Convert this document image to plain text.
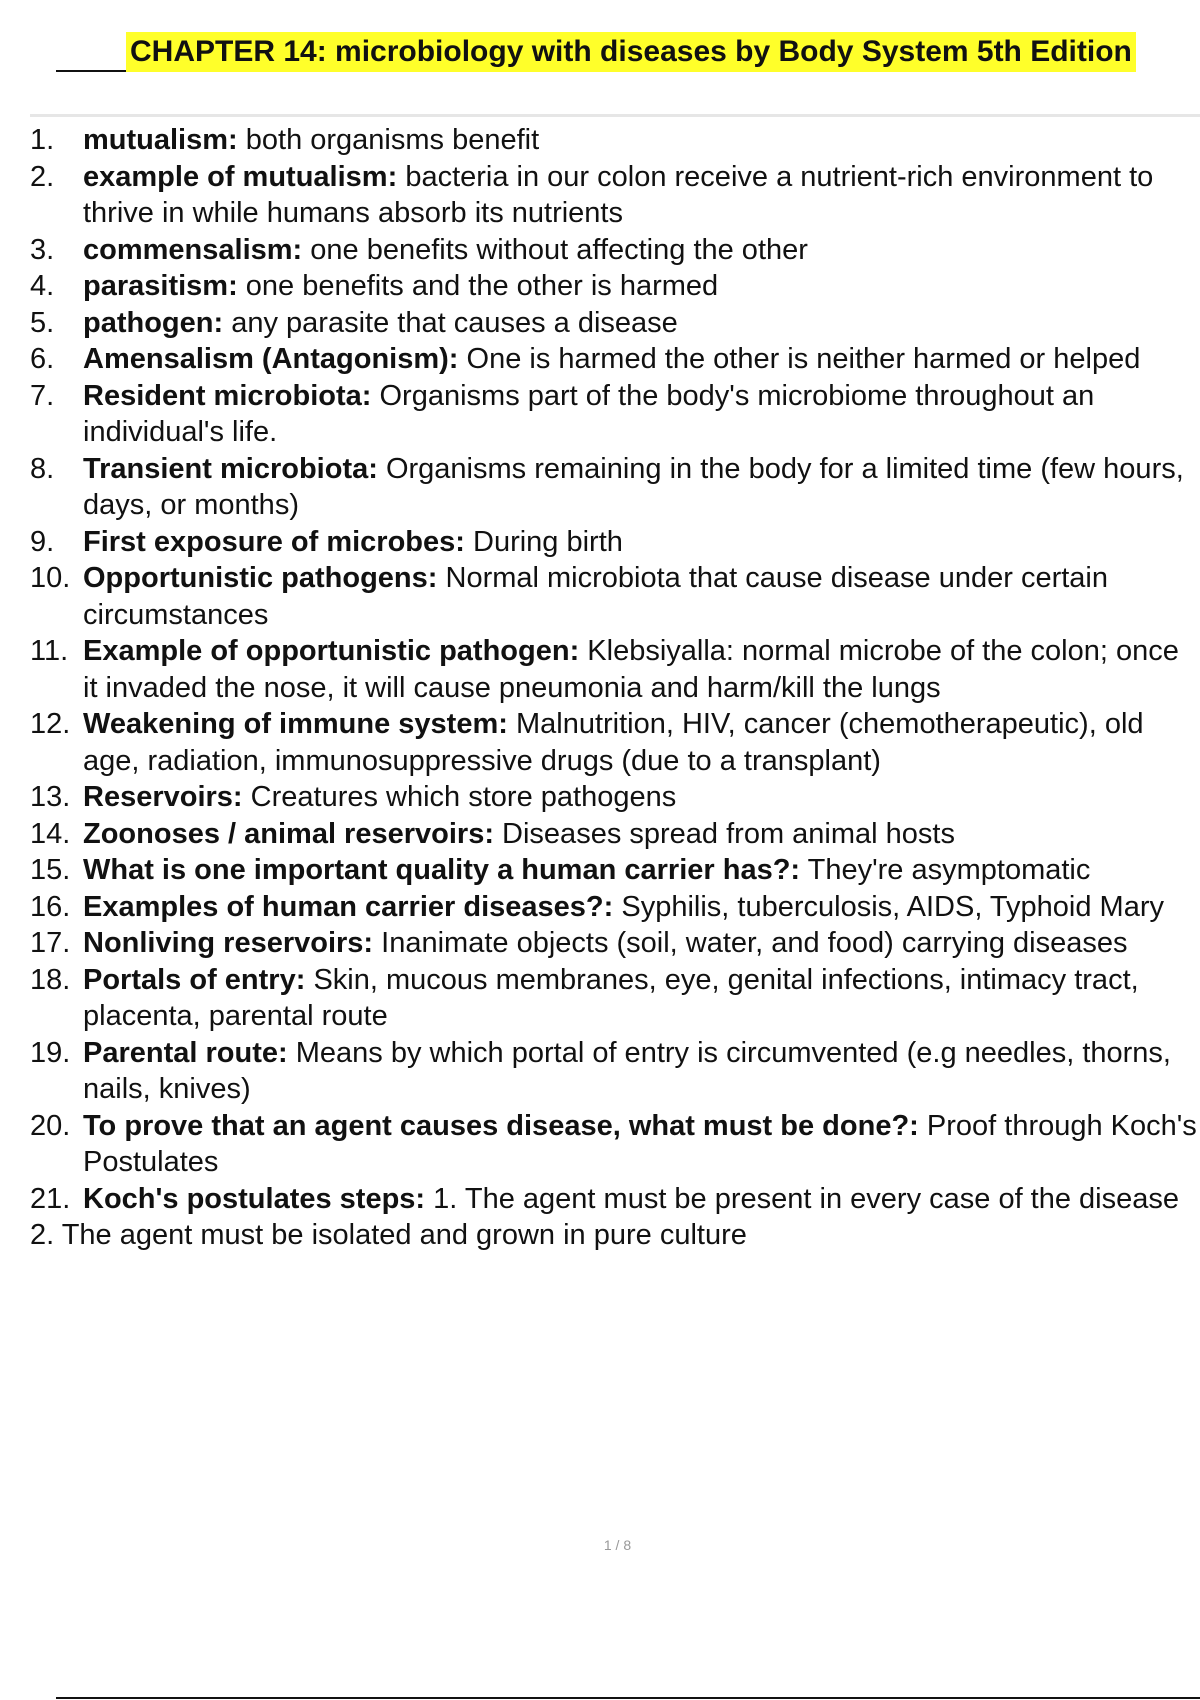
CHAPTER 14: microbiology with diseases by Body System 5th Edition
1. mutualism: both organisms benefit
2. example of mutualism: bacteria in our colon receive a nutrient-rich environment to thrive in while humans absorb its nutrients
3. commensalism: one benefits without affecting the other
4. parasitism: one benefits and the other is harmed
5. pathogen: any parasite that causes a disease
6. Amensalism (Antagonism): One is harmed the other is neither harmed or helped
7. Resident microbiota: Organisms part of the body's microbiome throughout an individual's life.
8. Transient microbiota: Organisms remaining in the body for a limited time (few hours, days, or months)
9. First exposure of microbes: During birth
10. Opportunistic pathogens: Normal microbiota that cause disease under certain circumstances
11. Example of opportunistic pathogen: Klebsiyalla: normal microbe of the colon; once it invaded the nose, it will cause pneumonia and harm/kill the lungs
12. Weakening of immune system: Malnutrition, HIV, cancer (chemotherapeutic), old age, radiation, immunosuppressive drugs (due to a transplant)
13. Reservoirs: Creatures which store pathogens
14. Zoonoses / animal reservoirs: Diseases spread from animal hosts
15. What is one important quality a human carrier has?: They're asymptomatic
16. Examples of human carrier diseases?: Syphilis, tuberculosis, AIDS, Typhoid Mary
17. Nonliving reservoirs: Inanimate objects (soil, water, and food) carrying diseases
18. Portals of entry: Skin, mucous membranes, eye, genital infections, intimacy tract, placenta, parental route
19. Parental route: Means by which portal of entry is circumvented (e.g needles, thorns, nails, knives)
20. To prove that an agent causes disease, what must be done?: Proof through Koch's Postulates
21. Koch's postulates steps: 1. The agent must be present in every case of the disease
2. The agent must be isolated and grown in pure culture
1 / 8
